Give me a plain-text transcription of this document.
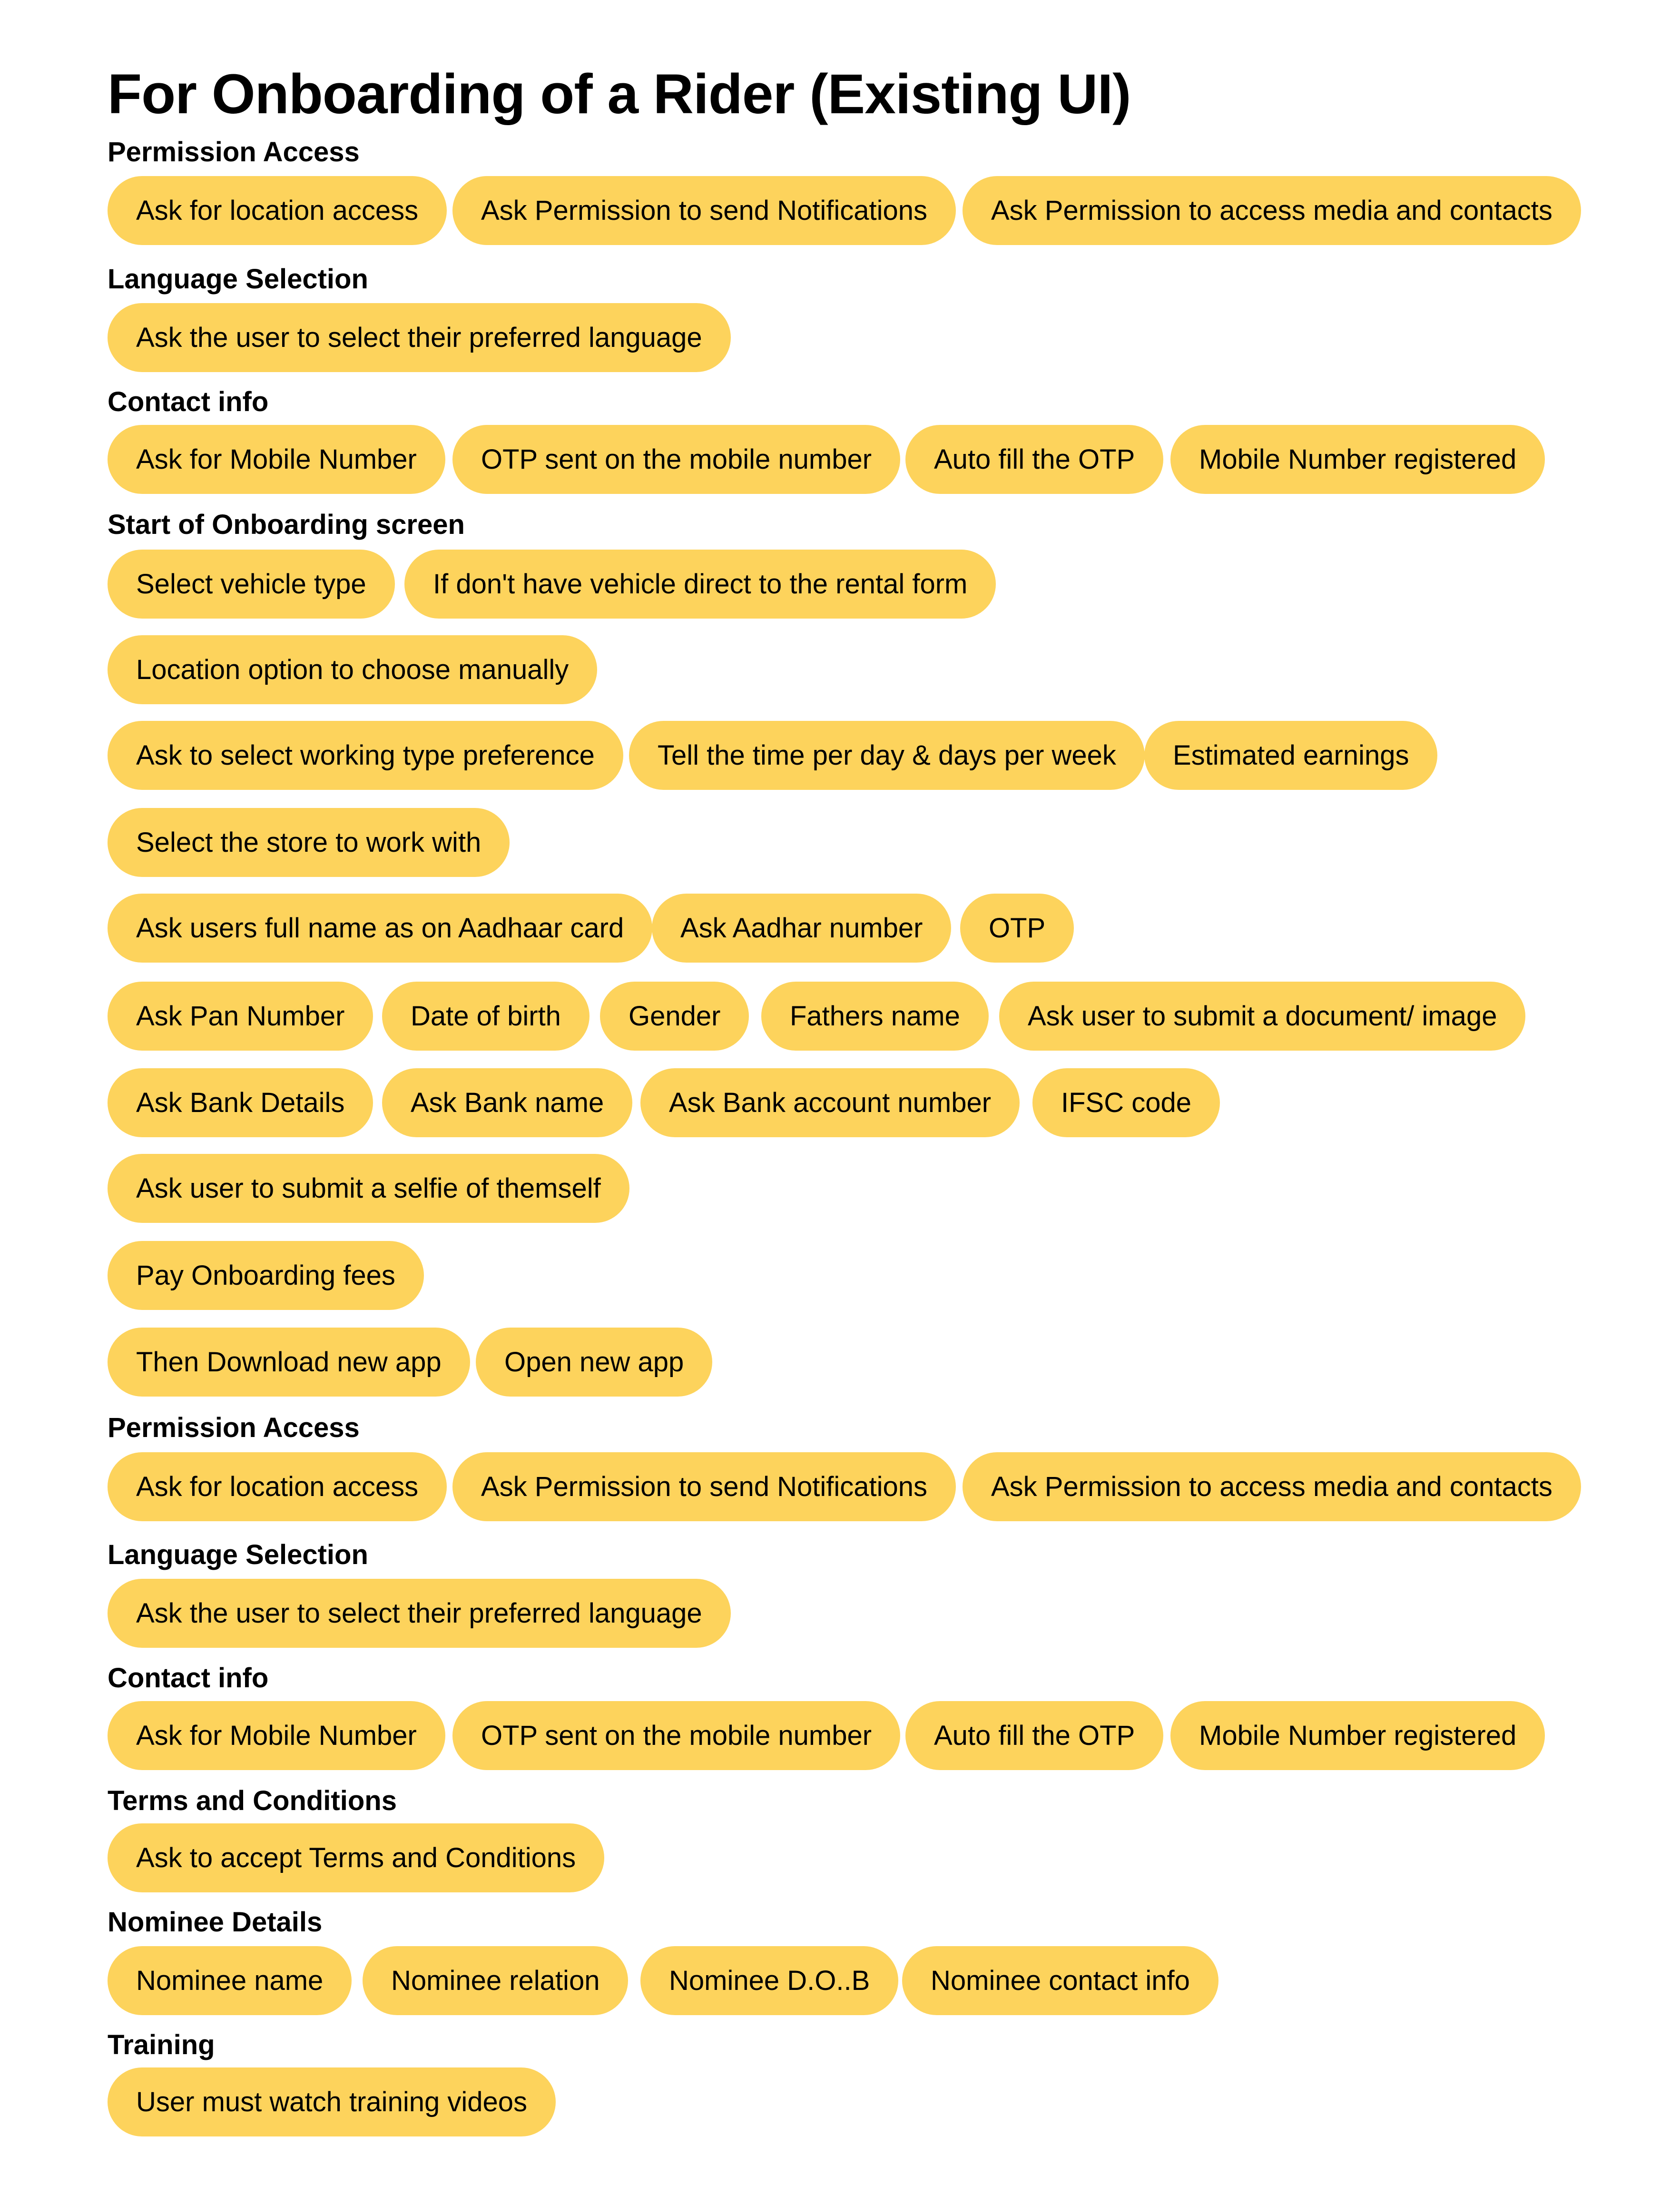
For Onboarding of a Rider (Existing UI)
Permission Access
Ask for location access	Ask Permission to send Notifications	Ask Permission to access media and contacts
Language Selection
Ask the user to select their preferred language
Contact info
Ask for Mobile Number	OTP sent on the mobile number	Auto fill the OTP	Mobile Number registered
Start of Onboarding screen
Select vehicle type	If don't have vehicle direct to the rental form
Location option to choose manually
Ask to select working type preference	Tell the time per day & days per week	Estimated earnings
Select the store to work with
Ask users full name as on Aadhaar card	Ask Aadhar number	OTP
Ask Pan Number	Date of birth	Gender	Fathers name	Ask user to submit a document/ image
Ask Bank Details	Ask Bank name	Ask Bank account number	IFSC code
Ask user to submit a selfie of themself
Pay Onboarding fees
Then Download new app	Open new app
Permission Access
Ask for location access	Ask Permission to send Notifications	Ask Permission to access media and contacts
Language Selection
Ask the user to select their preferred language
Contact info
Ask for Mobile Number	OTP sent on the mobile number	Auto fill the OTP	Mobile Number registered
Terms and Conditions
Ask to accept Terms and Conditions
Nominee Details
Nominee name	Nominee relation	Nominee D.O..B	Nominee contact info
Training
User must watch training videos
